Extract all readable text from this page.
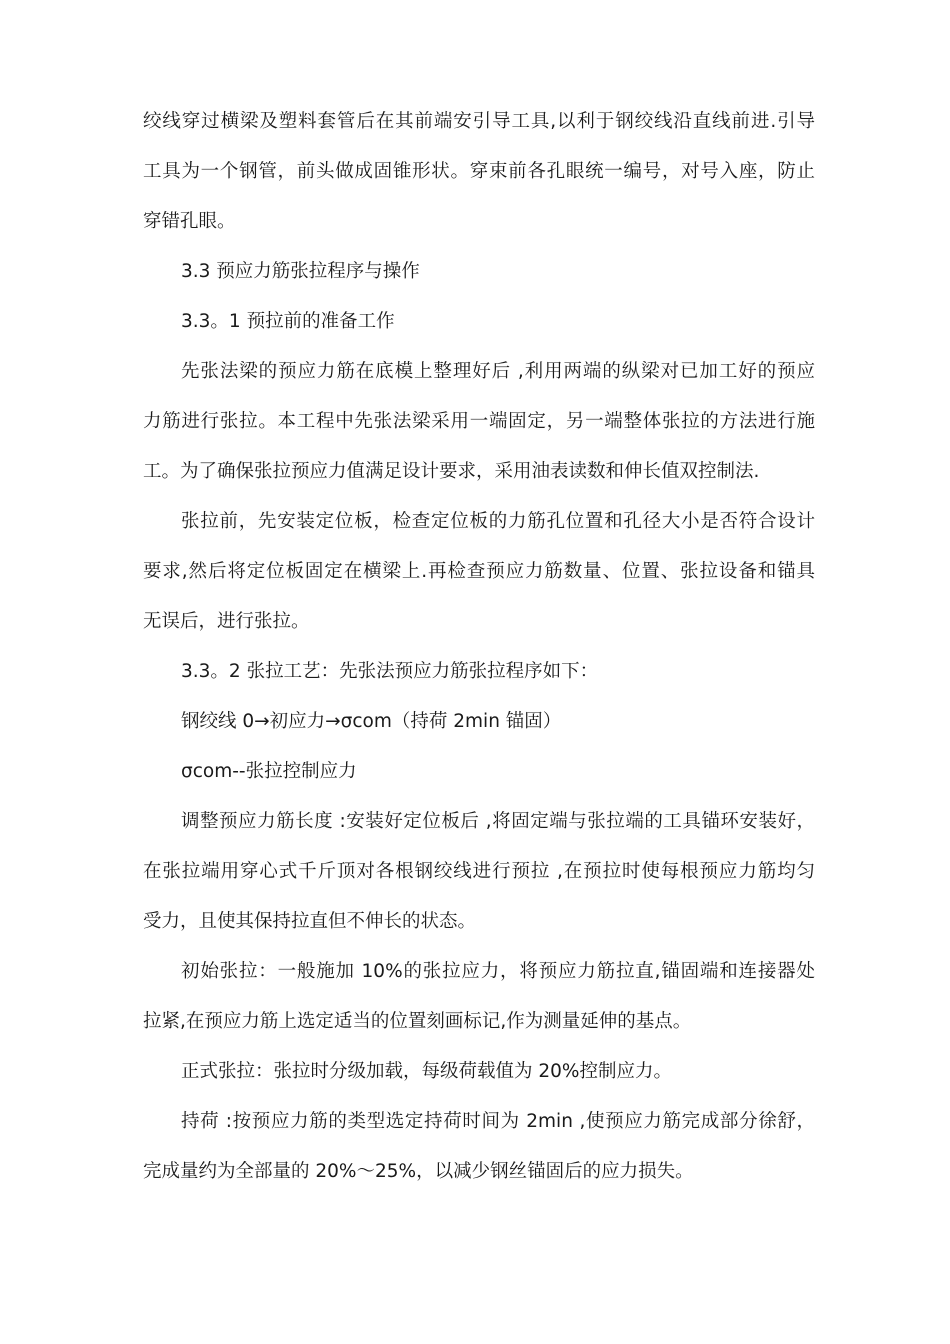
绞线穿过横梁及塑料套管后在其前端安引导工具,以利于钢绞线沿直线前进.引导
工具为一个钢管，前头做成固锥形状。穿束前各孔眼统一编号，对号入座，防止
穿错孔眼。
3.3 预应力筋张拉程序与操作
3.3。1 预拉前的准备工作
先张法梁的预应力筋在底模上整理好后 ,利用两端的纵梁对已加工好的预应
力筋进行张拉。本工程中先张法梁采用一端固定，另一端整体张拉的方法进行施
工。为了确保张拉预应力值满足设计要求，采用油表读数和伸长值双控制法.
张拉前，先安装定位板，检查定位板的力筋孔位置和孔径大小是否符合设计
要求,然后将定位板固定在横梁上.再检查预应力筋数量、位置、张拉设备和锚具
无误后，进行张拉。
3.3。2 张拉工艺：先张法预应力筋张拉程序如下：
钢绞线 0→初应力→σcom（持荷 2min 锚固）
σcom--张拉控制应力
调整预应力筋长度 :安装好定位板后 ,将固定端与张拉端的工具锚环安装好，
在张拉端用穿心式千斤顶对各根钢绞线进行预拉 ,在预拉时使每根预应力筋均匀
受力，且使其保持拉直但不伸长的状态。
初始张拉：一般施加 10%的张拉应力，将预应力筋拉直,锚固端和连接器处
拉紧,在预应力筋上选定适当的位置刻画标记,作为测量延伸的基点。
正式张拉：张拉时分级加载，每级荷载值为 20%控制应力。
持荷 :按预应力筋的类型选定持荷时间为 2min ,使预应力筋完成部分徐舒，
完成量约为全部量的 20%～25%，以减少钢丝锚固后的应力损失。
